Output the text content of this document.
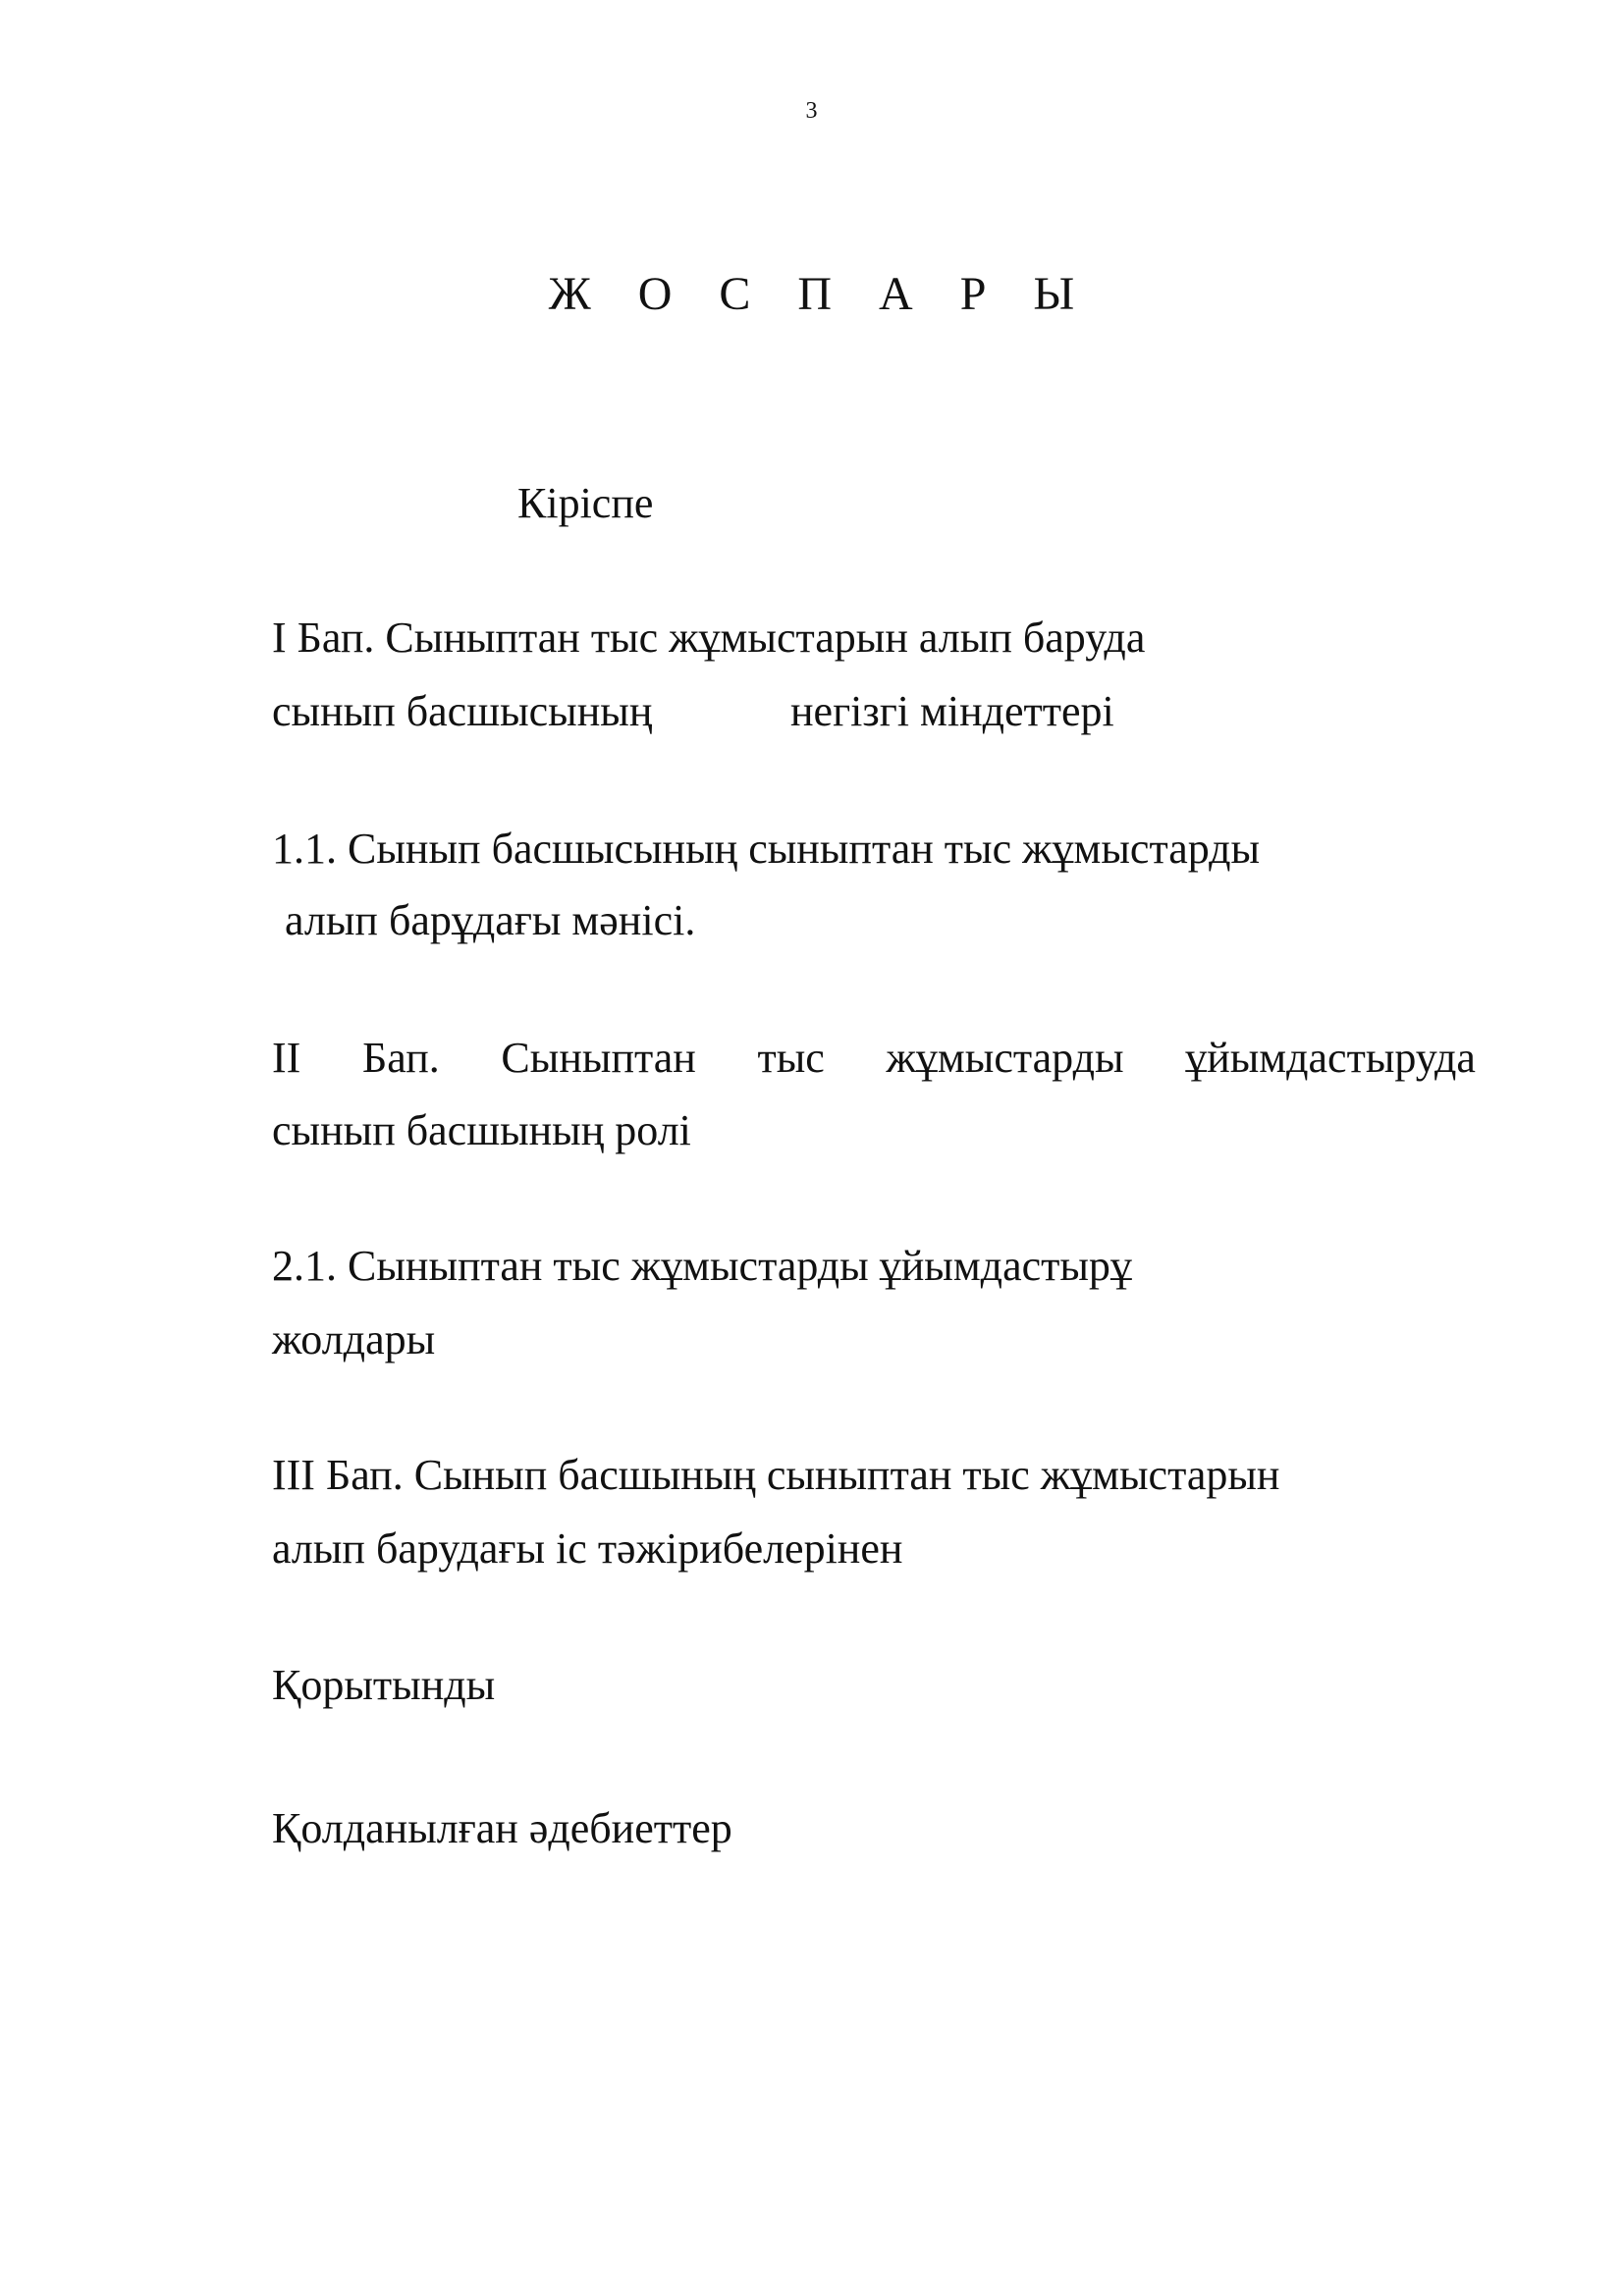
3
Ж О С П А Р Ы
Кіріспе
I Бап. Сыныптан тыс жұмыстарын алып баруда
сынып басшысының	негізгі міндеттері
1.1. Сынып басшысының сыныптан тыс жұмыстарды
алып барұдағы мәнісі.
II Бап. Сыныптан тыс жұмыстарды ұйымдастыруда
сынып басшының ролі
2.1. Сыныптан тыс жұмыстарды ұйымдастырұ
жолдары
III Бап. Сынып басшының сыныптан тыс жұмыстарын
алып барудағы іс тәжірибелерінен
Қорытынды
Қолданылған әдебиеттер
